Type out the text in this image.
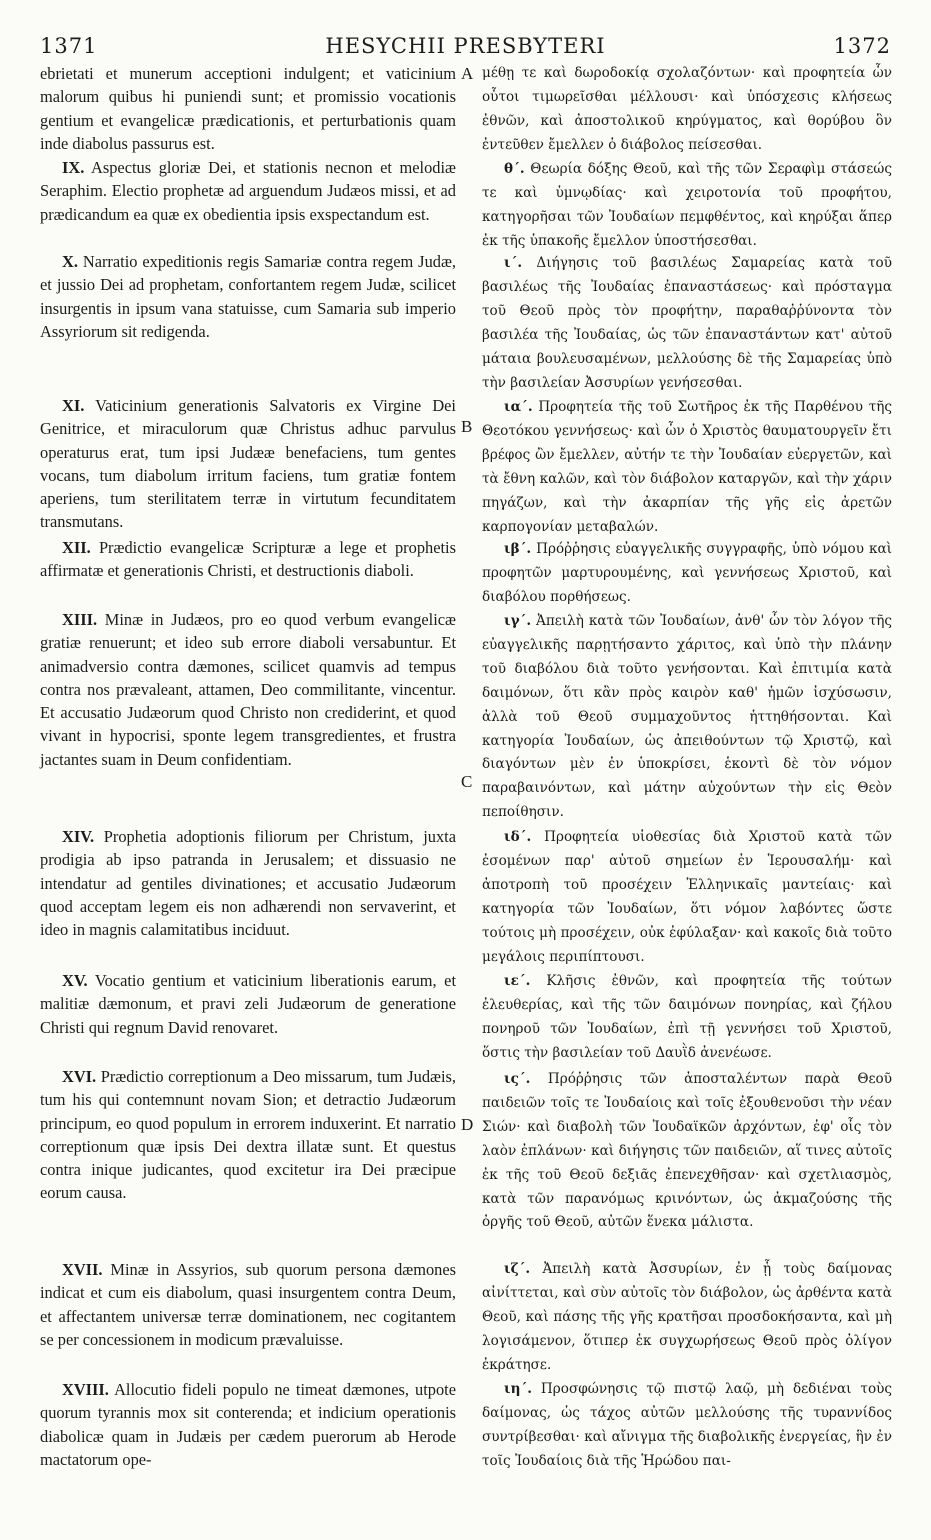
1371	HESYCHII PRESBYTERI	1372
A
B
C
D
ebrietati et munerum acceptioni indulgent; et vaticinium malorum quibus hi puniendi sunt; et promissio vocationis gentium et evangelicæ prædicationis, et perturbationis quam inde diabolus passurus est.
IX. Aspectus gloriæ Dei, et stationis necnon et melodiæ Seraphim. Electio prophetæ ad arguendum Judæos missi, et ad prædicandum ea quæ ex obedientia ipsis exspectandum est.
X. Narratio expeditionis regis Samariæ contra regem Judæ, et jussio Dei ad prophetam, confortantem regem Judæ, scilicet insurgentis in ipsum vana statuisse, cum Samaria sub imperio Assyriorum sit redigenda.
XI. Vaticinium generationis Salvatoris ex Virgine Dei Genitrice, et miraculorum quæ Christus adhuc parvulus operaturus erat, tum ipsi Judææ benefaciens, tum gentes vocans, tum diabolum irritum faciens, tum gratiæ fontem aperiens, tum sterilitatem terræ in virtutum fecunditatem transmutans.
XII. Prædictio evangelicæ Scripturæ a lege et prophetis affirmatæ et generationis Christi, et destructionis diaboli.
XIII. Minæ in Judæos, pro eo quod verbum evangelicæ gratiæ renuerunt; et ideo sub errore diaboli versabuntur. Et animadversio contra dæmones, scilicet quamvis ad tempus contra nos prævaleant, attamen, Deo commilitante, vincentur. Et accusatio Judæorum quod Christo non crediderint, et quod vivant in hypocrisi, sponte legem transgredientes, et frustra jactantes suam in Deum confidentiam.
XIV. Prophetia adoptionis filiorum per Christum, juxta prodigia ab ipso patranda in Jerusalem; et dissuasio ne intendatur ad gentiles divinationes; et accusatio Judæorum quod acceptam legem eis non adhærendi non servaverint, et ideo in magnis calamitatibus inciduut.
XV. Vocatio gentium et vaticinium liberationis earum, et malitiæ dæmonum, et pravi zeli Judæorum de generatione Christi qui regnum David renovaret.
XVI. Prædictio correptionum a Deo missarum, tum Judæis, tum his qui contemnunt novam Sion; et detractio Judæorum principum, eo quod populum in errorem induxerint. Et narratio correptionum quæ ipsis Dei dextra illatæ sunt. Et questus contra inique judicantes, quod excitetur ira Dei præcipue eorum causa.
XVII. Minæ in Assyrios, sub quorum persona dæmones indicat et cum eis diabolum, quasi insurgentem contra Deum, et affectantem universæ terræ dominationem, nec cogitantem se per concessionem in modicum prævaluisse.
XVIII. Allocutio fideli populo ne timeat dæmones, utpote quorum tyrannis mox sit conterenda; et indicium operationis diabolicæ quam in Judæis per cædem puerorum ab Herode mactatorum ope-
μέθῃ τε καὶ δωροδοκίᾳ σχολαζόντων· καὶ προφητεία ὧν οὗτοι τιμωρεῖσθαι μέλλουσι· καὶ ὑπόσχεσις κλήσεως ἐθνῶν, καὶ ἀποστολικοῦ κηρύγματος, καὶ θορύβου ὃν ἐντεῦθεν ἔμελλεν ὁ διάβολος πείσεσθαι.
θ΄. Θεωρία δόξης Θεοῦ, καὶ τῆς τῶν Σεραφὶμ στάσεώς τε καὶ ὑμνῳδίας· καὶ χειροτονία τοῦ προφήτου, κατηγορῆσαι τῶν Ἰουδαίων πεμφθέντος, καὶ κηρύξαι ἅπερ ἐκ τῆς ὑπακοῆς ἔμελλον ὑποστήσεσθαι.
ι΄. Διήγησις τοῦ βασιλέως Σαμαρείας κατὰ τοῦ βασιλέως τῆς Ἰουδαίας ἐπαναστάσεως· καὶ πρόσταγμα τοῦ Θεοῦ πρὸς τὸν προφήτην, παραθαῤῥύνοντα τὸν βασιλέα τῆς Ἰουδαίας, ὡς τῶν ἐπαναστάντων κατ' αὐτοῦ μάταια βουλευσαμένων, μελλούσης δὲ τῆς Σαμαρείας ὑπὸ τὴν βασιλείαν Ἀσσυρίων γενήσεσθαι.
ια΄. Προφητεία τῆς τοῦ Σωτῆρος ἐκ τῆς Παρθένου τῆς Θεοτόκου γεννήσεως· καὶ ὧν ὁ Χριστὸς θαυματουργεῖν ἔτι βρέφος ὢν ἔμελλεν, αὐτήν τε τὴν Ἰουδαίαν εὐεργετῶν, καὶ τὰ ἔθνη καλῶν, καὶ τὸν διάβολον καταργῶν, καὶ τὴν χάριν πηγάζων, καὶ τὴν ἀκαρπίαν τῆς γῆς εἰς ἀρετῶν καρπογονίαν μεταβαλών.
ιβ΄. Πρόῤῥησις εὐαγγελικῆς συγγραφῆς, ὑπὸ νόμου καὶ προφητῶν μαρτυρουμένης, καὶ γεννήσεως Χριστοῦ, καὶ διαβόλου πορθήσεως.
ιγ΄. Ἀπειλὴ κατὰ τῶν Ἰουδαίων, ἀνθ' ὧν τὸν λόγον τῆς εὐαγγελικῆς παρῃτήσαντο χάριτος, καὶ ὑπὸ τὴν πλάνην τοῦ διαβόλου διὰ τοῦτο γενήσονται. Καὶ ἐπιτιμία κατὰ δαιμόνων, ὅτι κἂν πρὸς καιρὸν καθ' ἡμῶν ἰσχύσωσιν, ἀλλὰ τοῦ Θεοῦ συμμαχοῦντος ἡττηθήσονται. Καὶ κατηγορία Ἰουδαίων, ὡς ἀπειθούντων τῷ Χριστῷ, καὶ διαγόντων μὲν ἐν ὑποκρίσει, ἑκοντὶ δὲ τὸν νόμον παραβαινόντων, καὶ μάτην αὐχούντων τὴν εἰς Θεὸν πεποίθησιν.
ιδ΄. Προφητεία υἱοθεσίας διὰ Χριστοῦ κατὰ τῶν ἐσομένων παρ' αὐτοῦ σημείων ἐν Ἱερουσαλήμ· καὶ ἀποτροπὴ τοῦ προσέχειν Ἑλληνικαῖς μαντείαις· καὶ κατηγορία τῶν Ἰουδαίων, ὅτι νόμον λαβόντες ὥστε τούτοις μὴ προσέχειν, οὐκ ἐφύλαξαν· καὶ κακοῖς διὰ τοῦτο μεγάλοις περιπίπτουσι.
ιε΄. Κλῆσις ἐθνῶν, καὶ προφητεία τῆς τούτων ἐλευθερίας, καὶ τῆς τῶν δαιμόνων πονηρίας, καὶ ζήλου πονηροῦ τῶν Ἰουδαίων, ἐπὶ τῇ γεννήσει τοῦ Χριστοῦ, ὅστις τὴν βασιλείαν τοῦ Δαυῒδ ἀνενέωσε.
ις΄. Πρόῤῥησις τῶν ἀποσταλέντων παρὰ Θεοῦ παιδειῶν τοῖς τε Ἰουδαίοις καὶ τοῖς ἐξουθενοῦσι τὴν νέαν Σιών· καὶ διαβολὴ τῶν Ἰουδαϊκῶν ἀρχόντων, ἐφ' οἷς τὸν λαὸν ἐπλάνων· καὶ διήγησις τῶν παιδειῶν, αἵ τινες αὐτοῖς ἐκ τῆς τοῦ Θεοῦ δεξιᾶς ἐπενεχθῆσαν· καὶ σχετλιασμὸς, κατὰ τῶν παρανόμως κρινόντων, ὡς ἀκμαζούσης τῆς ὀργῆς τοῦ Θεοῦ, αὐτῶν ἕνεκα μάλιστα.
ιζ΄. Ἀπειλὴ κατὰ Ἀσσυρίων, ἐν ᾗ τοὺς δαίμονας αἰνίττεται, καὶ σὺν αὐτοῖς τὸν διάβολον, ὡς ἀρθέντα κατὰ Θεοῦ, καὶ πάσης τῆς γῆς κρατῆσαι προσδοκήσαντα, καὶ μὴ λογισάμενον, ὅτιπερ ἐκ συγχωρήσεως Θεοῦ πρὸς ὀλίγον ἐκράτησε.
ιη΄. Προσφώνησις τῷ πιστῷ λαῷ, μὴ δεδιέναι τοὺς δαίμονας, ὡς τάχος αὐτῶν μελλούσης τῆς τυραννίδος συντρίβεσθαι· καὶ αἴνιγμα τῆς διαβολικῆς ἐνεργείας, ἣν ἐν τοῖς Ἰουδαίοις διὰ τῆς Ἡρώδου παι-
